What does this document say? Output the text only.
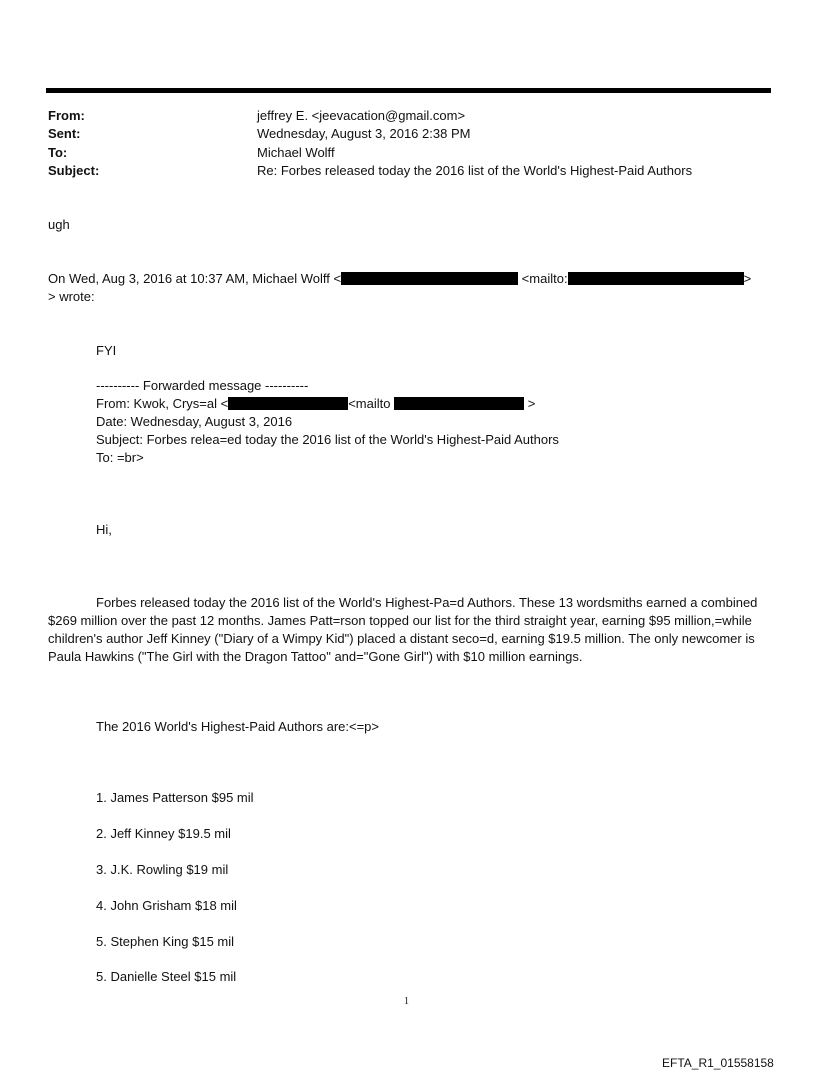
From:	jeffrey E. <jeevacation@gmail.com>
Sent:	Wednesday, August 3, 2016 2:38 PM
To:	Michael Wolff
Subject:	Re: Forbes released today the 2016 list of the World's Highest-Paid Authors
ugh
On Wed, Aug 3, 2016 at 10:37 AM, Michael Wolff <	<mailto:	>
> wrote:
FYI
---------- Forwarded message ----------
From: Kwok, Crys=al <	<mailto	>
Date: Wednesday, August 3, 2016
Subject: Forbes relea=ed today the 2016 list of the World's Highest-Paid Authors
To: =br>
Hi,
Forbes released today the 2016 list of the World's Highest-Pa=d Authors. These 13 wordsmiths earned a combined $269 million over the past 12 months. James Patt=rson topped our list for the third straight year, earning $95 million,=while children's author Jeff Kinney ("Diary of a Wimpy Kid") placed a distant seco=d, earning $19.5 million. The only newcomer is Paula Hawkins ("The Girl with the Dragon Tattoo" and="Gone Girl") with $10 million earnings.
The 2016 World's Highest-Paid Authors are:<=p>
1. James Patterson $95 mil
2. Jeff Kinney $19.5 mil
3. J.K. Rowling $19 mil
4. John Grisham $18 mil
5. Stephen King $15 mil
5. Danielle Steel $15 mil
1
EFTA_R1_01558158
